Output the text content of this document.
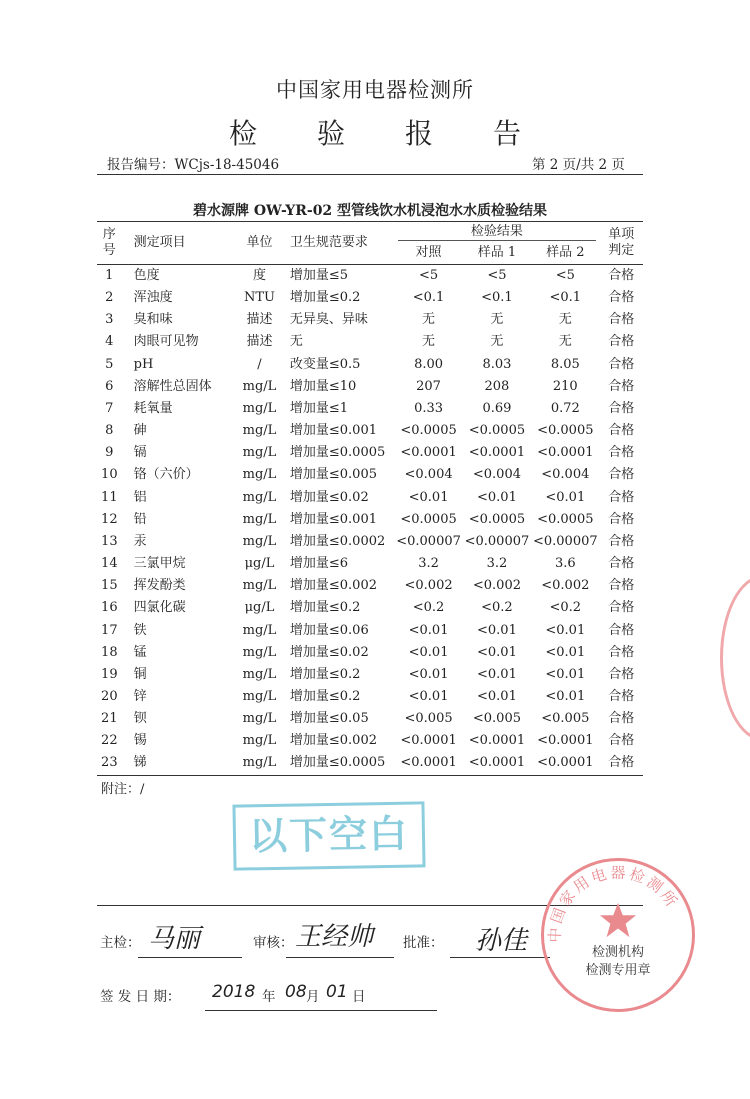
中国家用电器检测所
检验报告
报告编号：WCjs-18-45046	第 2 页/共 2 页
碧水源牌 OW-YR-02 型管线饮水机浸泡水水质检验结果
序号	测定项目	单位	卫生规范要求	检验结果			单项判定

				对照	样品 1	样品 2	
1	色度	度	增加量≤5	<5	<5	<5	合格
2	浑浊度	NTU	增加量≤0.2	<0.1	<0.1	<0.1	合格
3	臭和味	描述	无异臭、异味	无	无	无	合格
4	肉眼可见物	描述	无	无	无	无	合格
5	pH	/	改变量≤0.5	8.00	8.03	8.05	合格
6	溶解性总固体	mg/L	增加量≤10	207	208	210	合格
7	耗氧量	mg/L	增加量≤1	0.33	0.69	0.72	合格
8	砷	mg/L	增加量≤0.001	<0.0005	<0.0005	<0.0005	合格
9	镉	mg/L	增加量≤0.0005	<0.0001	<0.0001	<0.0001	合格
10	铬（六价）	mg/L	增加量≤0.005	<0.004	<0.004	<0.004	合格
11	铝	mg/L	增加量≤0.02	<0.01	<0.01	<0.01	合格
12	铅	mg/L	增加量≤0.001	<0.0005	<0.0005	<0.0005	合格
13	汞	mg/L	增加量≤0.0002	<0.00007	<0.00007	<0.00007	合格
14	三氯甲烷	μg/L	增加量≤6	3.2	3.2	3.6	合格
15	挥发酚类	mg/L	增加量≤0.002	<0.002	<0.002	<0.002	合格
16	四氯化碳	μg/L	增加量≤0.2	<0.2	<0.2	<0.2	合格
17	铁	mg/L	增加量≤0.06	<0.01	<0.01	<0.01	合格
18	锰	mg/L	增加量≤0.02	<0.01	<0.01	<0.01	合格
19	铜	mg/L	增加量≤0.2	<0.01	<0.01	<0.01	合格
20	锌	mg/L	增加量≤0.2	<0.01	<0.01	<0.01	合格
21	钡	mg/L	增加量≤0.05	<0.005	<0.005	<0.005	合格
22	锡	mg/L	增加量≤0.002	<0.0001	<0.0001	<0.0001	合格
23	锑	mg/L	增加量≤0.0005	<0.0001	<0.0001	<0.0001	合格
附注：/
以下空白
主检： 马丽	审核： 王经帅 批准： 孙佳
签 发 日 期： 2018 年 08 月 01 日
中国家用电器检测所
检测机构
检测专用章
